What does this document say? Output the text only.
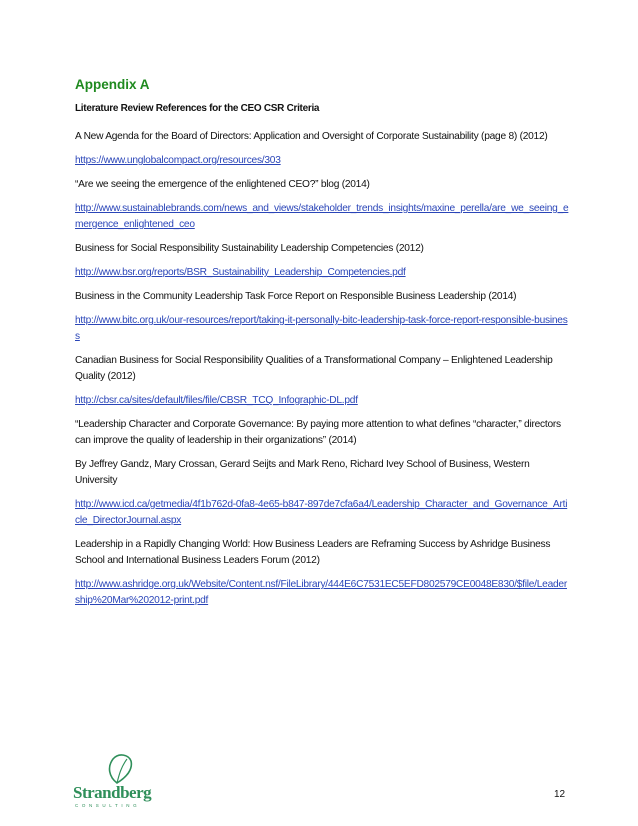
Appendix A
Literature Review References for the CEO CSR Criteria

A New Agenda for the Board of Directors: Application and Oversight of Corporate Sustainability (page 8) (2012)

https://www.unglobalcompact.org/resources/303

“Are we seeing the emergence of the enlightened CEO?” blog (2014)

http://www.sustainablebrands.com/news_and_views/stakeholder_trends_insights/maxine_perella/are_we_seeing_emergence_enlightened_ceo

Business for Social Responsibility Sustainability Leadership Competencies (2012)

http://www.bsr.org/reports/BSR_Sustainability_Leadership_Competencies.pdf

Business in the Community Leadership Task Force Report on Responsible Business Leadership (2014)

http://www.bitc.org.uk/our-resources/report/taking-it-personally-bitc-leadership-task-force-report-responsible-business

Canadian Business for Social Responsibility Qualities of a Transformational Company – Enlightened Leadership Quality (2012)

http://cbsr.ca/sites/default/files/file/CBSR_TCQ_Infographic-DL.pdf

“Leadership Character and Corporate Governance: By paying more attention to what defines “character,” directors can improve the quality of leadership in their organizations” (2014)

By Jeffrey Gandz, Mary Crossan, Gerard Seijts and Mark Reno, Richard Ivey School of Business, Western University

http://www.icd.ca/getmedia/4f1b762d-0fa8-4e65-b847-897de7cfa6a4/Leadership_Character_and_Governance_Article_DirectorJournal.aspx

Leadership in a Rapidly Changing World: How Business Leaders are Reframing Success by Ashridge Business School and International Business Leaders Forum (2012)

http://www.ashridge.org.uk/Website/Content.nsf/FileLibrary/444E6C7531EC5EFD802579CE0048E830/$file/Leadership%20Mar%202012-print.pdf

Strandberg
CONSULTING
12
